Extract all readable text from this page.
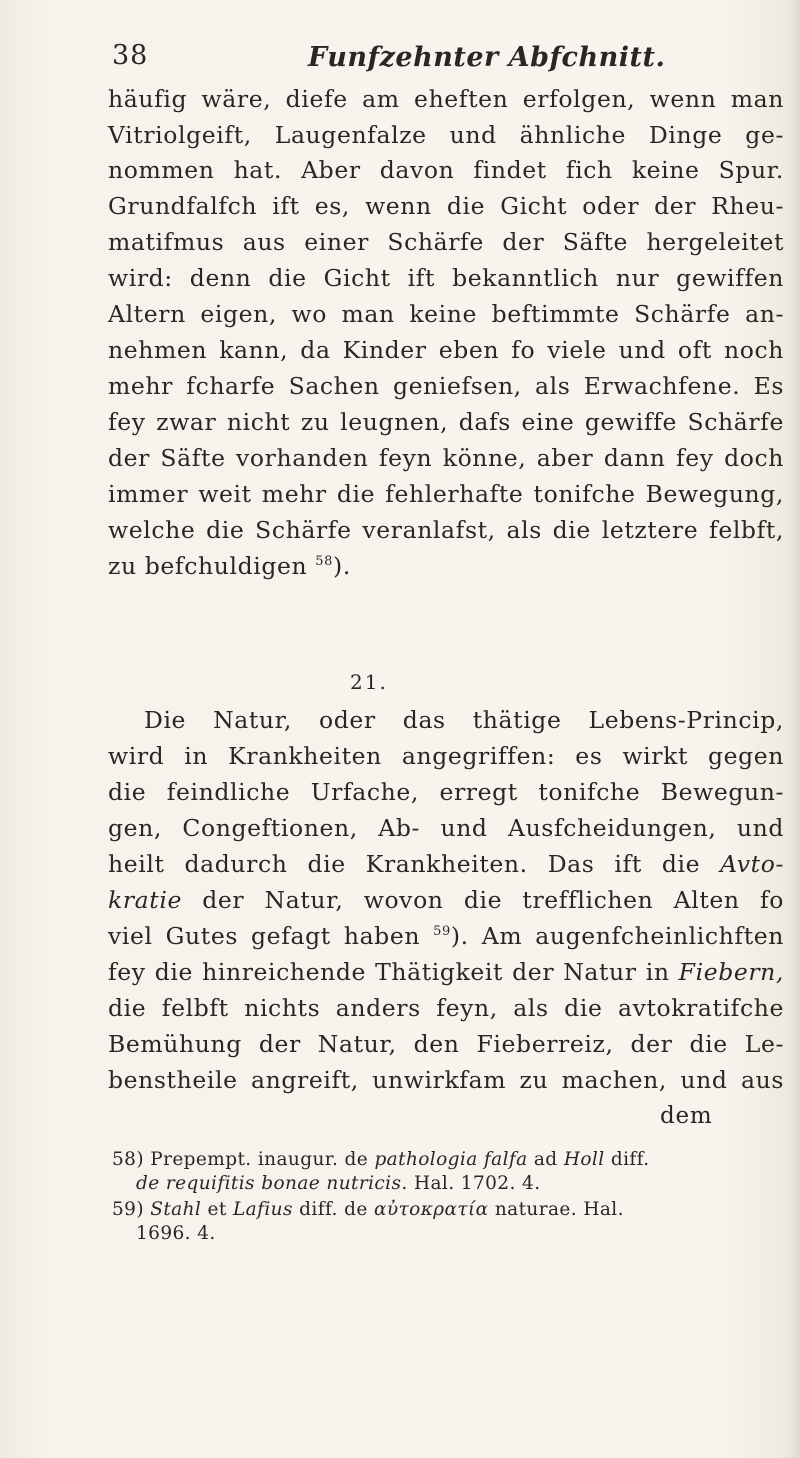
38	Funfzehnter Abfchnitt.
häufig wäre, diefe am eheften erfolgen, wenn man
Vitriolgeift, Laugenfalze und ähnliche Dinge ge-
nommen hat. Aber davon findet fich keine Spur.
Grundfalfch ift es, wenn die Gicht oder der Rheu-
matifmus aus einer Schärfe der Säfte hergeleitet
wird: denn die Gicht ift bekanntlich nur gewiffen
Altern eigen, wo man keine beftimmte Schärfe an-
nehmen kann, da Kinder eben fo viele und oft noch
mehr fcharfe Sachen geniefsen, als Erwachfene. Es
fey zwar nicht zu leugnen, dafs eine gewiffe Schärfe
der Säfte vorhanden feyn könne, aber dann fey doch
immer weit mehr die fehlerhafte tonifche Bewegung,
welche die Schärfe veranlafst, als die letztere felbft,
zu befchuldigen $^{58}$).
21.
Die Natur, oder das thätige Lebens-Princip,
wird in Krankheiten angegriffen: es wirkt gegen
die feindliche Urfache, erregt tonifche Bewegun-
gen, Congeftionen, Ab- und Ausfcheidungen, und
heilt dadurch die Krankheiten. Das ift die Avto-
kratie der Natur, wovon die trefflichen Alten fo
viel Gutes gefagt haben $^{59}$). Am augenfcheinlichften
fey die hinreichende Thätigkeit der Natur in Fiebern,
die felbft nichts anders feyn, als die avtokratifche
Bemühung der Natur, den Fieberreiz, der die Le-
benstheile angreift, unwirkfam zu machen, und aus
dem
58) Prepempt. inaugur. de pathologia falfa ad Holl diff.
de requifitis bonae nutricis. Hal. 1702. 4.
59) Stahl et Lafius diff. de αὐτοκρατία naturae. Hal.
1696. 4.
